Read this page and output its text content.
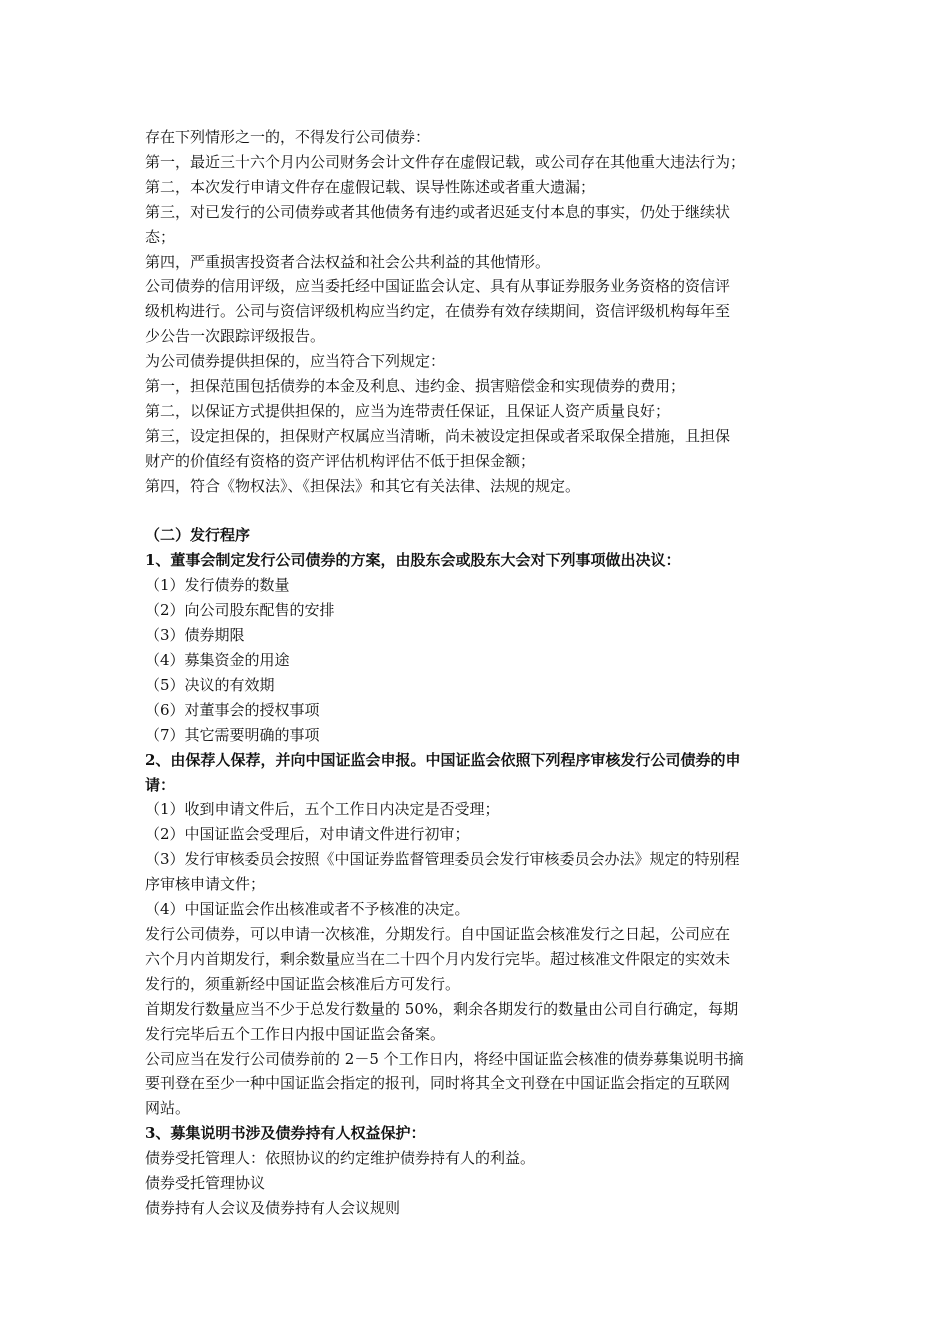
存在下列情形之一的，不得发行公司债券：

第一，最近三十六个月内公司财务会计文件存在虚假记载，或公司存在其他重大违法行为；

第二，本次发行申请文件存在虚假记载、误导性陈述或者重大遗漏；

第三，对已发行的公司债券或者其他债务有违约或者迟延支付本息的事实，仍处于继续状

态；

第四，严重损害投资者合法权益和社会公共利益的其他情形。

公司债券的信用评级，应当委托经中国证监会认定、具有从事证券服务业务资格的资信评

级机构进行。公司与资信评级机构应当约定，在债券有效存续期间，资信评级机构每年至

少公告一次跟踪评级报告。

为公司债券提供担保的，应当符合下列规定：

第一，担保范围包括债券的本金及利息、违约金、损害赔偿金和实现债券的费用；

第二，以保证方式提供担保的，应当为连带责任保证，且保证人资产质量良好；

第三，设定担保的，担保财产权属应当清晰，尚未被设定担保或者采取保全措施，且担保

财产的价值经有资格的资产评估机构评估不低于担保金额；

第四，符合《物权法》、《担保法》和其它有关法律、法规的规定。

（二）发行程序

1、董事会制定发行公司债券的方案，由股东会或股东大会对下列事项做出决议：

（1）发行债券的数量

（2）向公司股东配售的安排

（3）债券期限

（4）募集资金的用途

（5）决议的有效期

（6）对董事会的授权事项

（7）其它需要明确的事项

2、由保荐人保荐，并向中国证监会申报。中国证监会依照下列程序审核发行公司债券的申

请：

（1）收到申请文件后，五个工作日内决定是否受理；

（2）中国证监会受理后，对申请文件进行初审；

（3）发行审核委员会按照《中国证券监督管理委员会发行审核委员会办法》规定的特别程

序审核申请文件；

（4）中国证监会作出核准或者不予核准的决定。

发行公司债券，可以申请一次核准，分期发行。自中国证监会核准发行之日起，公司应在

六个月内首期发行，剩余数量应当在二十四个月内发行完毕。超过核准文件限定的实效未

发行的，须重新经中国证监会核准后方可发行。

首期发行数量应当不少于总发行数量的 50%，剩余各期发行的数量由公司自行确定，每期

发行完毕后五个工作日内报中国证监会备案。

公司应当在发行公司债券前的 2－5 个工作日内，将经中国证监会核准的债券募集说明书摘

要刊登在至少一种中国证监会指定的报刊，同时将其全文刊登在中国证监会指定的互联网

网站。

3、募集说明书涉及债券持有人权益保护：

债券受托管理人：依照协议的约定维护债券持有人的利益。

债券受托管理协议

债券持有人会议及债券持有人会议规则
